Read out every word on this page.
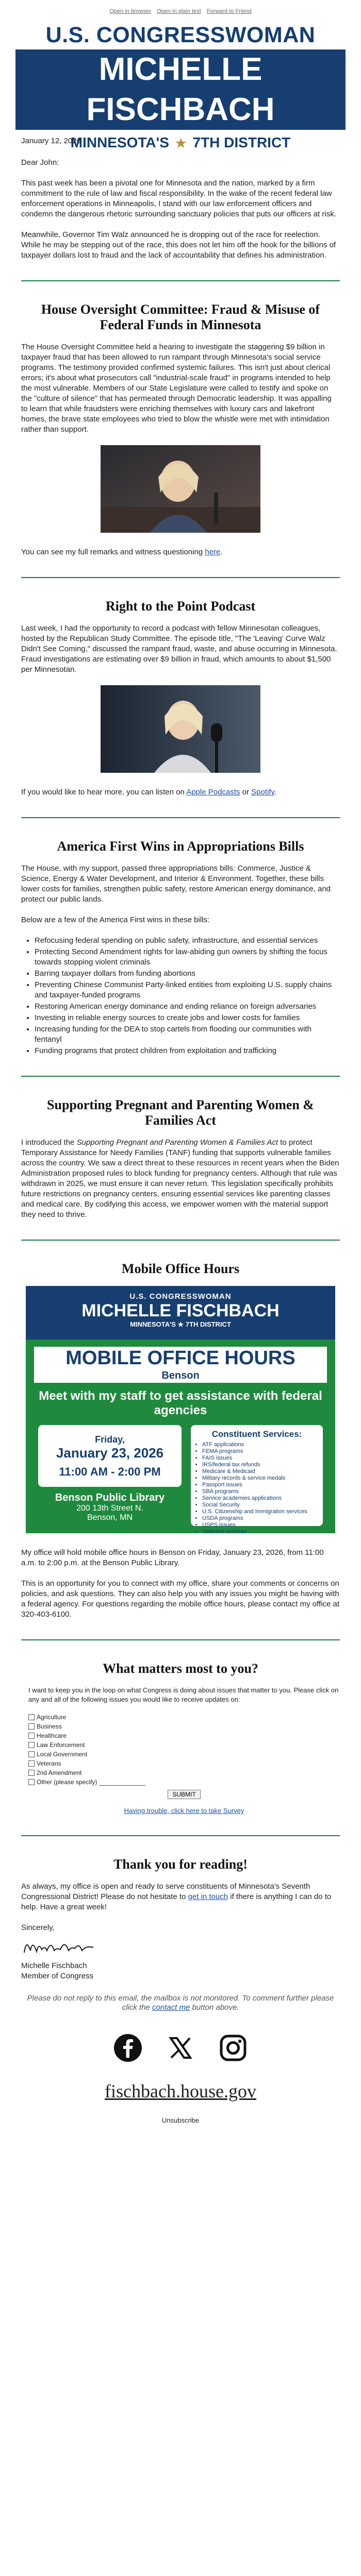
Open in browser Open in plain text Forward to Friend
U.S. CONGRESSWOMAN
MICHELLE FISCHBACH
MINNESOTA'S ★ 7TH DISTRICT

January 12, 2026

Dear John:

This past week has been a pivotal one for Minnesota and the nation, marked by a firm commitment to the rule of law and fiscal responsibility. In the wake of the recent federal law enforcement operations in Minneapolis, I stand with our law enforcement officers and condemn the dangerous rhetoric surrounding sanctuary policies that puts our officers at risk.

Meanwhile, Governor Tim Walz announced he is dropping out of the race for reelection. While he may be stepping out of the race, this does not let him off the hook for the billions of taxpayer dollars lost to fraud and the lack of accountability that defines his administration.

House Oversight Committee: Fraud & Misuse of Federal Funds in Minnesota

The House Oversight Committee held a hearing to investigate the staggering $9 billion in taxpayer fraud that has been allowed to run rampant through Minnesota's social service programs. The testimony provided confirmed systemic failures. This isn't just about clerical errors; it's about what prosecutors call "industrial-scale fraud" in programs intended to help the most vulnerable. Members of our State Legislature were called to testify and spoke on the "culture of silence" that has permeated through Democratic leadership. It was appalling to learn that while fraudsters were enriching themselves with luxury cars and lakefront homes, the brave state employees who tried to blow the whistle were met with intimidation rather than support.

You can see my full remarks and witness questioning here.

Right to the Point Podcast

Last week, I had the opportunity to record a podcast with fellow Minnesotan colleagues, hosted by the Republican Study Committee. The episode title, "The 'Leaving' Curve Walz Didn't See Coming," discussed the rampant fraud, waste, and abuse occurring in Minnesota. Fraud investigations are estimating over $9 billion in fraud, which amounts to about $1,500 per Minnesotan.

If you would like to hear more, you can listen on Apple Podcasts or Spotify.

America First Wins in Appropriations Bills

The House, with my support, passed three appropriations bills: Commerce, Justice & Science, Energy & Water Development, and Interior & Environment. Together, these bills lower costs for families, strengthen public safety, restore American energy dominance, and protect our public lands.

Below are a few of the America First wins in these bills:

• Refocusing federal spending on public safety, infrastructure, and essential services
• Protecting Second Amendment rights for law-abiding gun owners by shifting the focus towards stopping violent criminals
• Barring taxpayer dollars from funding abortions
• Preventing Chinese Communist Party-linked entities from exploiting U.S. supply chains and taxpayer-funded programs
• Restoring American energy dominance and ending reliance on foreign adversaries
• Investing in reliable energy sources to create jobs and lower costs for families
• Increasing funding for the DEA to stop cartels from flooding our communities with fentanyl
• Funding programs that protect children from exploitation and trafficking
Supporting Pregnant and Parenting Women & Families Act

I introduced the Supporting Pregnant and Parenting Women & Families Act to protect Temporary Assistance for Needy Families (TANF) funding that supports vulnerable families across the country. We saw a direct threat to these resources in recent years when the Biden Administration proposed rules to block funding for pregnancy centers. Although that rule was withdrawn in 2025, we must ensure it can never return. This legislation specifically prohibits future restrictions on pregnancy centers, ensuring essential services like parenting classes and medical care. By codifying this access, we empower women with the material support they need to thrive.

Mobile Office Hours
U.S. CONGRESSWOMAN
MICHELLE FISCHBACH
MINNESOTA'S ★ 7TH DISTRICT
MOBILE OFFICE HOURS
Benson
Meet with my staff to get assistance with federal agencies
Friday,
January 23, 2026
11:00 AM - 2:00 PM
Benson Public Library
200 13th Street N.
Benson, MN
Constituent Services:
• ATF applications
• FEMA programs
• FAIS issues
• IRS/federal tax refunds
• Medicare & Medicaid
• Military records & service medals
• Passport issues
• SBA programs
• Service academies applications
• Social Security
• U.S. Citizenship and Immigration services
• USDA programs
• USPS issues
• Veterans services

My office will hold mobile office hours in Benson on Friday, January 23, 2026, from 11:00 a.m. to 2:00 p.m. at the Benson Public Library.

This is an opportunity for you to connect with my office, share your comments or concerns on policies, and ask questions. They can also help you with any issues you might be having with a federal agency. For questions regarding the mobile office hours, please contact my office at 320-403-6100.

What matters most to you?

I want to keep you in the loop on what Congress is doing about issues that matter to you. Please click on any and all of the following issues you would like to receive updates on:

Agriculture
Business
Healthcare
Law Enforcement
Local Government
Veterans
2nd Amendment
Other (please specify)
SUBMIT

Having trouble, click here to take Survey

Thank you for reading!

As always, my office is open and ready to serve constituents of Minnesota's Seventh Congressional District! Please do not hesitate to get in touch if there is anything I can do to help. Have a great week!

Sincerely,

Michelle Fischbach

Member of Congress

Please do not reply to this email, the mailbox is not monitored. To comment further please click the contact me button above.

fischbach.house.gov
Unsubscribe
